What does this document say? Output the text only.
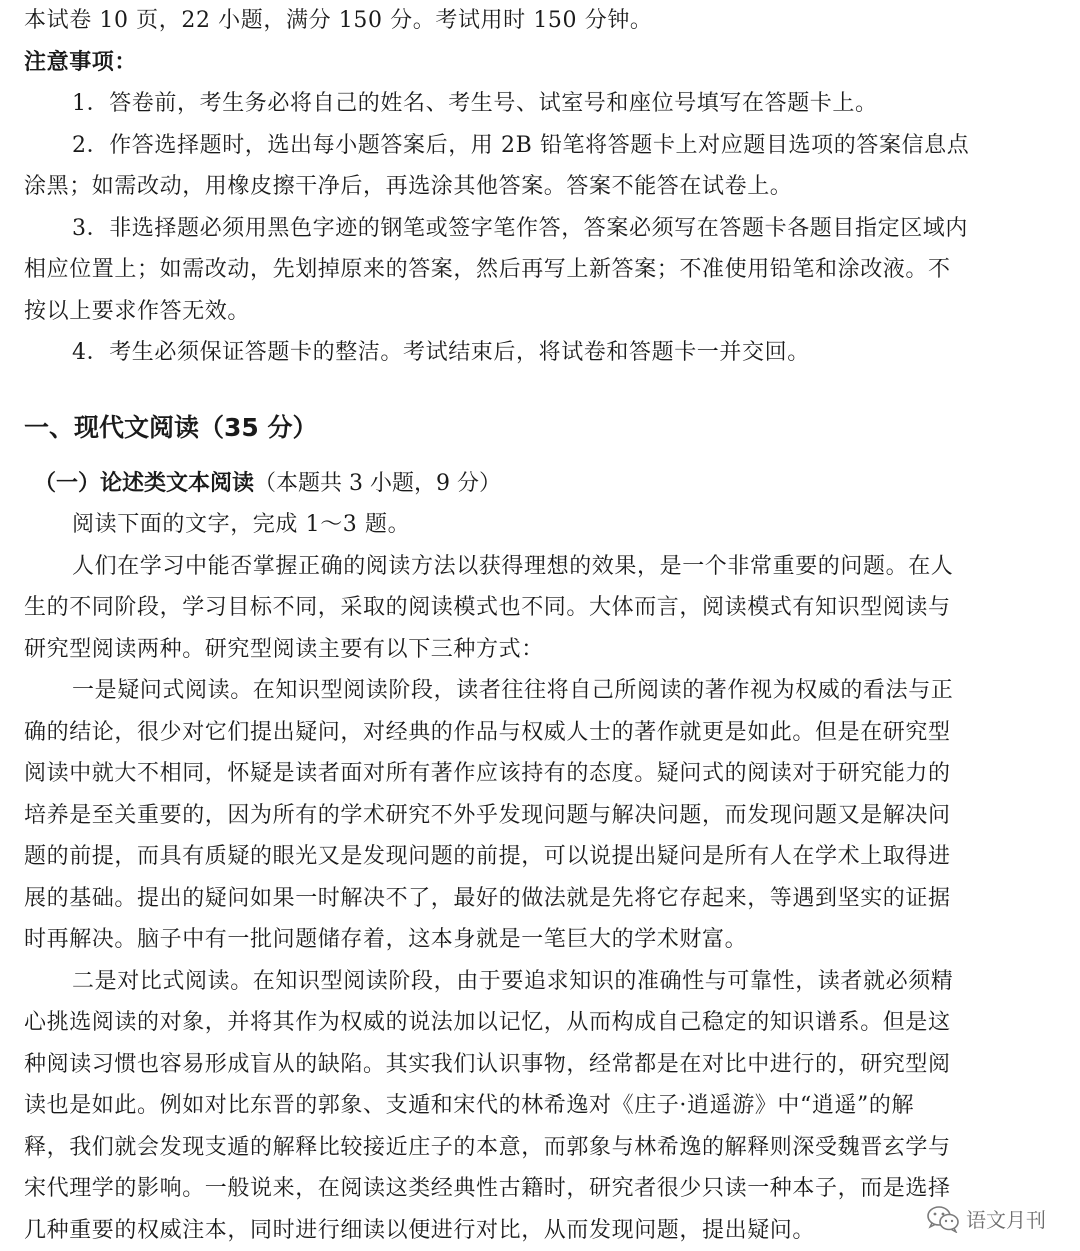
本试卷 10 页，22 小题，满分 150 分。考试用时 150 分钟。
注意事项：
1．答卷前，考生务必将自己的姓名、考生号、试室号和座位号填写在答题卡上。
2．作答选择题时，选出每小题答案后，用 2B 铅笔将答题卡上对应题目选项的答案信息点
涂黑；如需改动，用橡皮擦干净后，再选涂其他答案。答案不能答在试卷上。
3．非选择题必须用黑色字迹的钢笔或签字笔作答，答案必须写在答题卡各题目指定区域内
相应位置上；如需改动，先划掉原来的答案，然后再写上新答案；不准使用铅笔和涂改液。不
按以上要求作答无效。
4．考生必须保证答题卡的整洁。考试结束后，将试卷和答题卡一并交回。
一、现代文阅读（35 分）
（一）论述类文本阅读（本题共 3 小题，9 分）
阅读下面的文字，完成 1～3 题。
人们在学习中能否掌握正确的阅读方法以获得理想的效果，是一个非常重要的问题。在人
生的不同阶段，学习目标不同，采取的阅读模式也不同。大体而言，阅读模式有知识型阅读与
研究型阅读两种。研究型阅读主要有以下三种方式：
一是疑问式阅读。在知识型阅读阶段，读者往往将自己所阅读的著作视为权威的看法与正
确的结论，很少对它们提出疑问，对经典的作品与权威人士的著作就更是如此。但是在研究型
阅读中就大不相同，怀疑是读者面对所有著作应该持有的态度。疑问式的阅读对于研究能力的
培养是至关重要的，因为所有的学术研究不外乎发现问题与解决问题，而发现问题又是解决问
题的前提，而具有质疑的眼光又是发现问题的前提，可以说提出疑问是所有人在学术上取得进
展的基础。提出的疑问如果一时解决不了，最好的做法就是先将它存起来，等遇到坚实的证据
时再解决。脑子中有一批问题储存着，这本身就是一笔巨大的学术财富。
二是对比式阅读。在知识型阅读阶段，由于要追求知识的准确性与可靠性，读者就必须精
心挑选阅读的对象，并将其作为权威的说法加以记忆，从而构成自己稳定的知识谱系。但是这
种阅读习惯也容易形成盲从的缺陷。其实我们认识事物，经常都是在对比中进行的，研究型阅
读也是如此。例如对比东晋的郭象、支遁和宋代的林希逸对《庄子·逍遥游》中“逍遥”的解
释，我们就会发现支遁的解释比较接近庄子的本意，而郭象与林希逸的解释则深受魏晋玄学与
宋代理学的影响。一般说来，在阅读这类经典性古籍时，研究者很少只读一种本子，而是选择
几种重要的权威注本，同时进行细读以便进行对比，从而发现问题，提出疑问。	语文月刊
